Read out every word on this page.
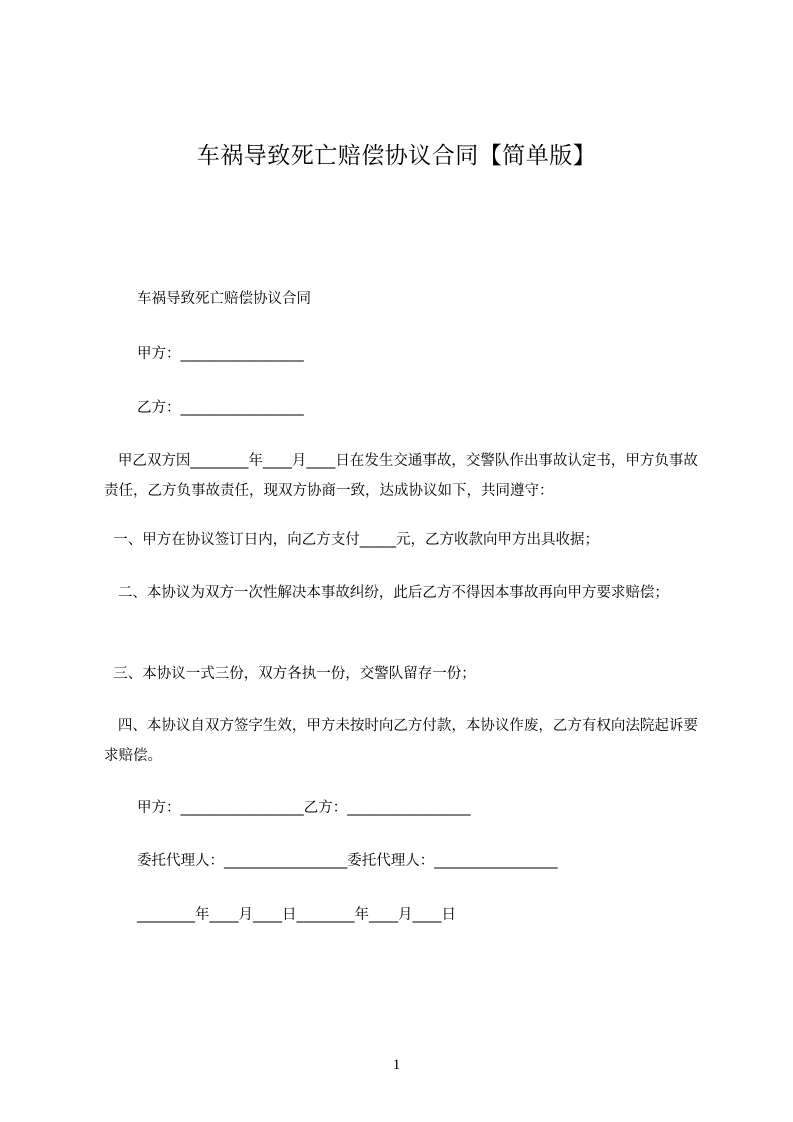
车祸导致死亡赔偿协议合同【简单版】
车祸导致死亡赔偿协议合同
甲方：_________________
乙方：_________________
甲乙双方因________年____月____日在发生交通事故，交警队作出事故认定书，甲方负事故责任，乙方负事故责任，现双方协商一致，达成协议如下，共同遵守：
一、甲方在协议签订日内，向乙方支付_____元，乙方收款向甲方出具收据；
二、本协议为双方一次性解决本事故纠纷，此后乙方不得因本事故再向甲方要求赔偿；
三、本协议一式三份，双方各执一份，交警队留存一份；
四、本协议自双方签字生效，甲方未按时向乙方付款，本协议作废，乙方有权向法院起诉要求赔偿。
甲方：_________________乙方：_________________
委托代理人：_________________委托代理人：_________________
________年____月____日________年____月____日
1
